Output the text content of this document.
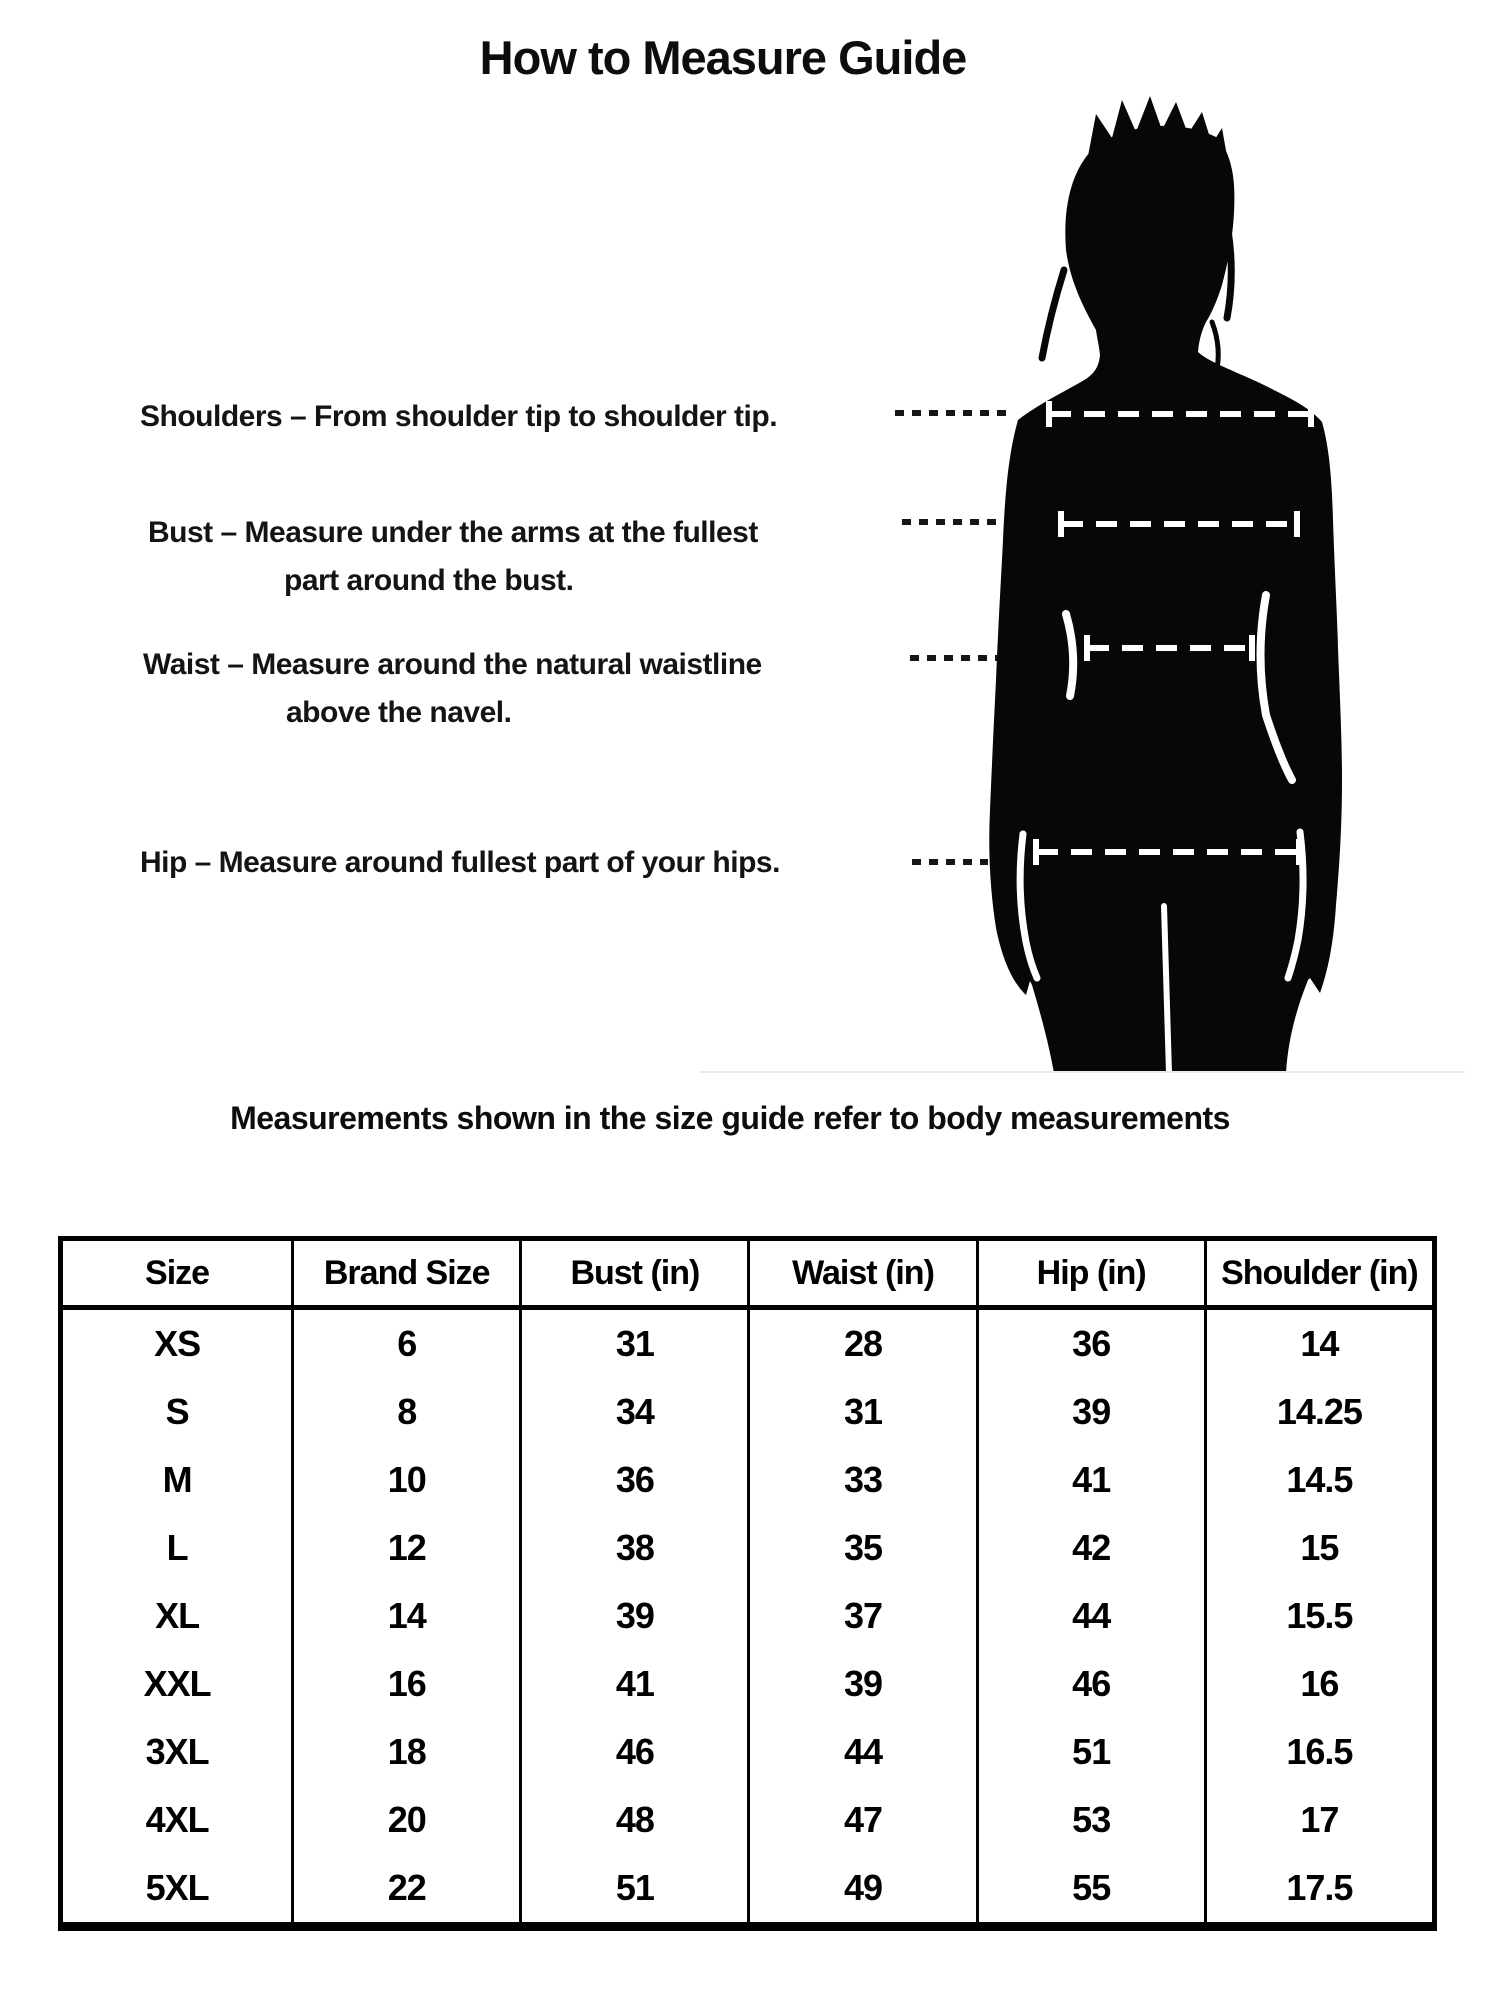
How to Measure Guide
Shoulders – From shoulder tip to shoulder tip.
Bust – Measure under the arms at the fullest
part around the bust.
Waist – Measure around the natural waistline
above the navel.
Hip – Measure around fullest part of your hips.
Measurements shown in the size guide refer to body measurements
Size	Brand Size	Bust (in)	Waist (in)	Hip (in)	Shoulder (in)
XS	6	31	28	36	14
S	8	34	31	39	14.25
M	10	36	33	41	14.5
L	12	38	35	42	15
XL	14	39	37	44	15.5
XXL	16	41	39	46	16
3XL	18	46	44	51	16.5
4XL	20	48	47	53	17
5XL	22	51	49	55	17.5
